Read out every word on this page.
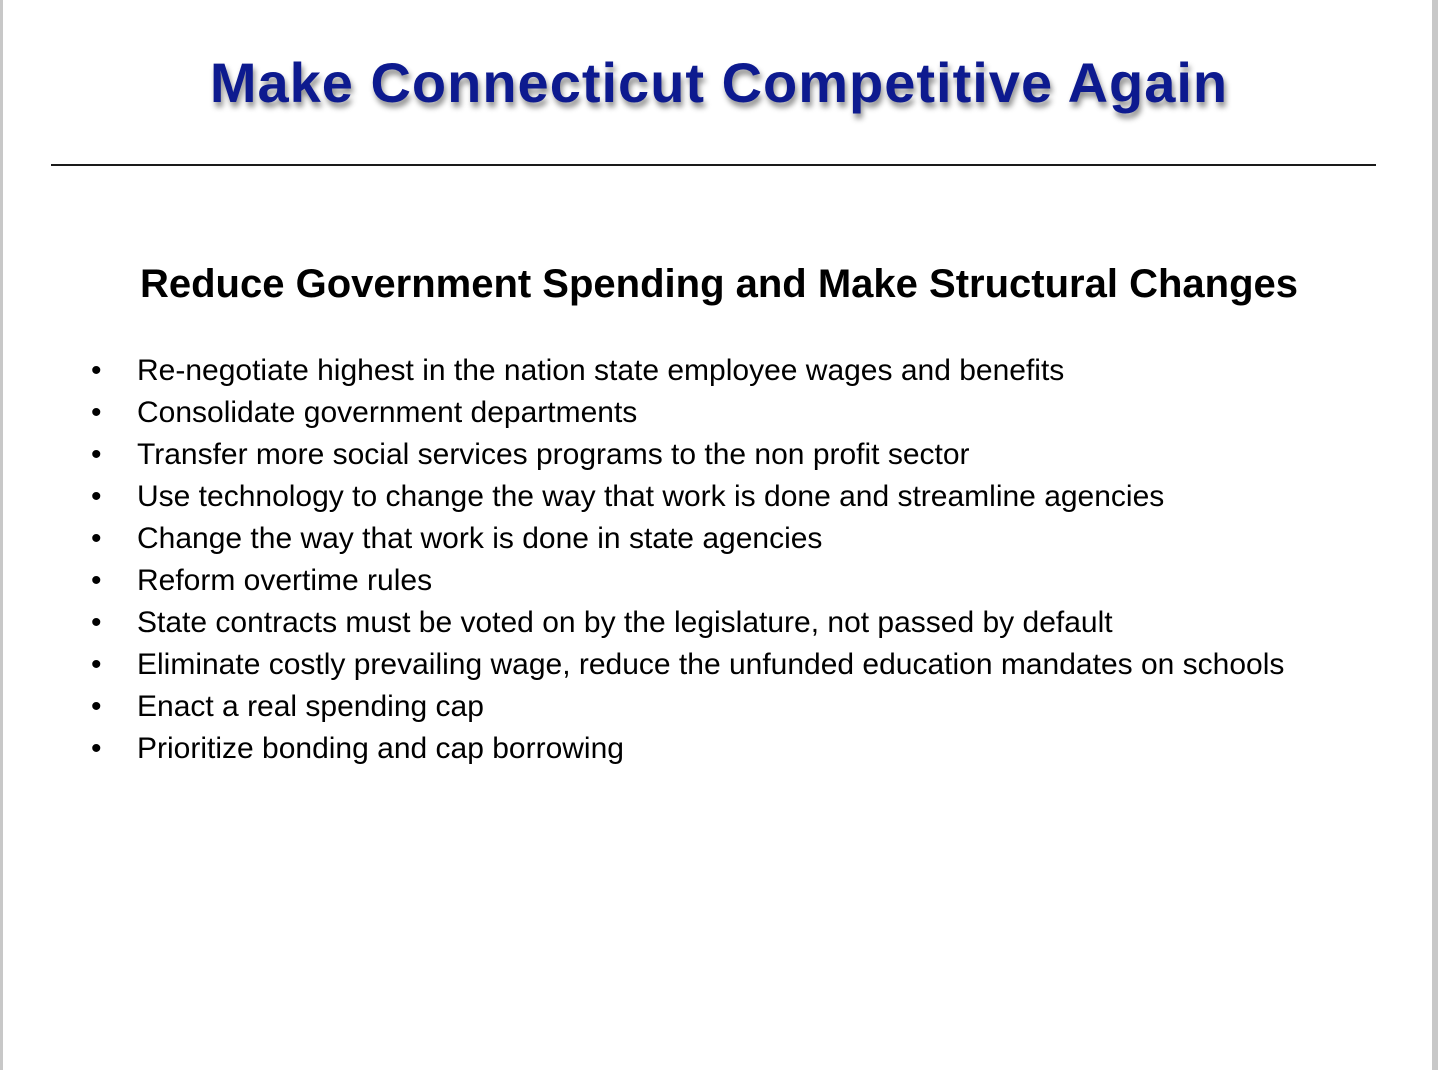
Make Connecticut Competitive Again
Reduce Government Spending and Make Structural Changes
•	Re-negotiate highest in the nation state employee wages and benefits
•	Consolidate government departments
•	Transfer more social services programs to the non profit sector
•	Use technology to change the way that work is done and streamline agencies
•	Change the way that work is done in state agencies
•	Reform overtime rules
•	State contracts must be voted on by the legislature, not passed by default
•	Eliminate costly prevailing wage, reduce the unfunded education mandates on schools
•	Enact a real spending cap
•	Prioritize bonding and cap borrowing
